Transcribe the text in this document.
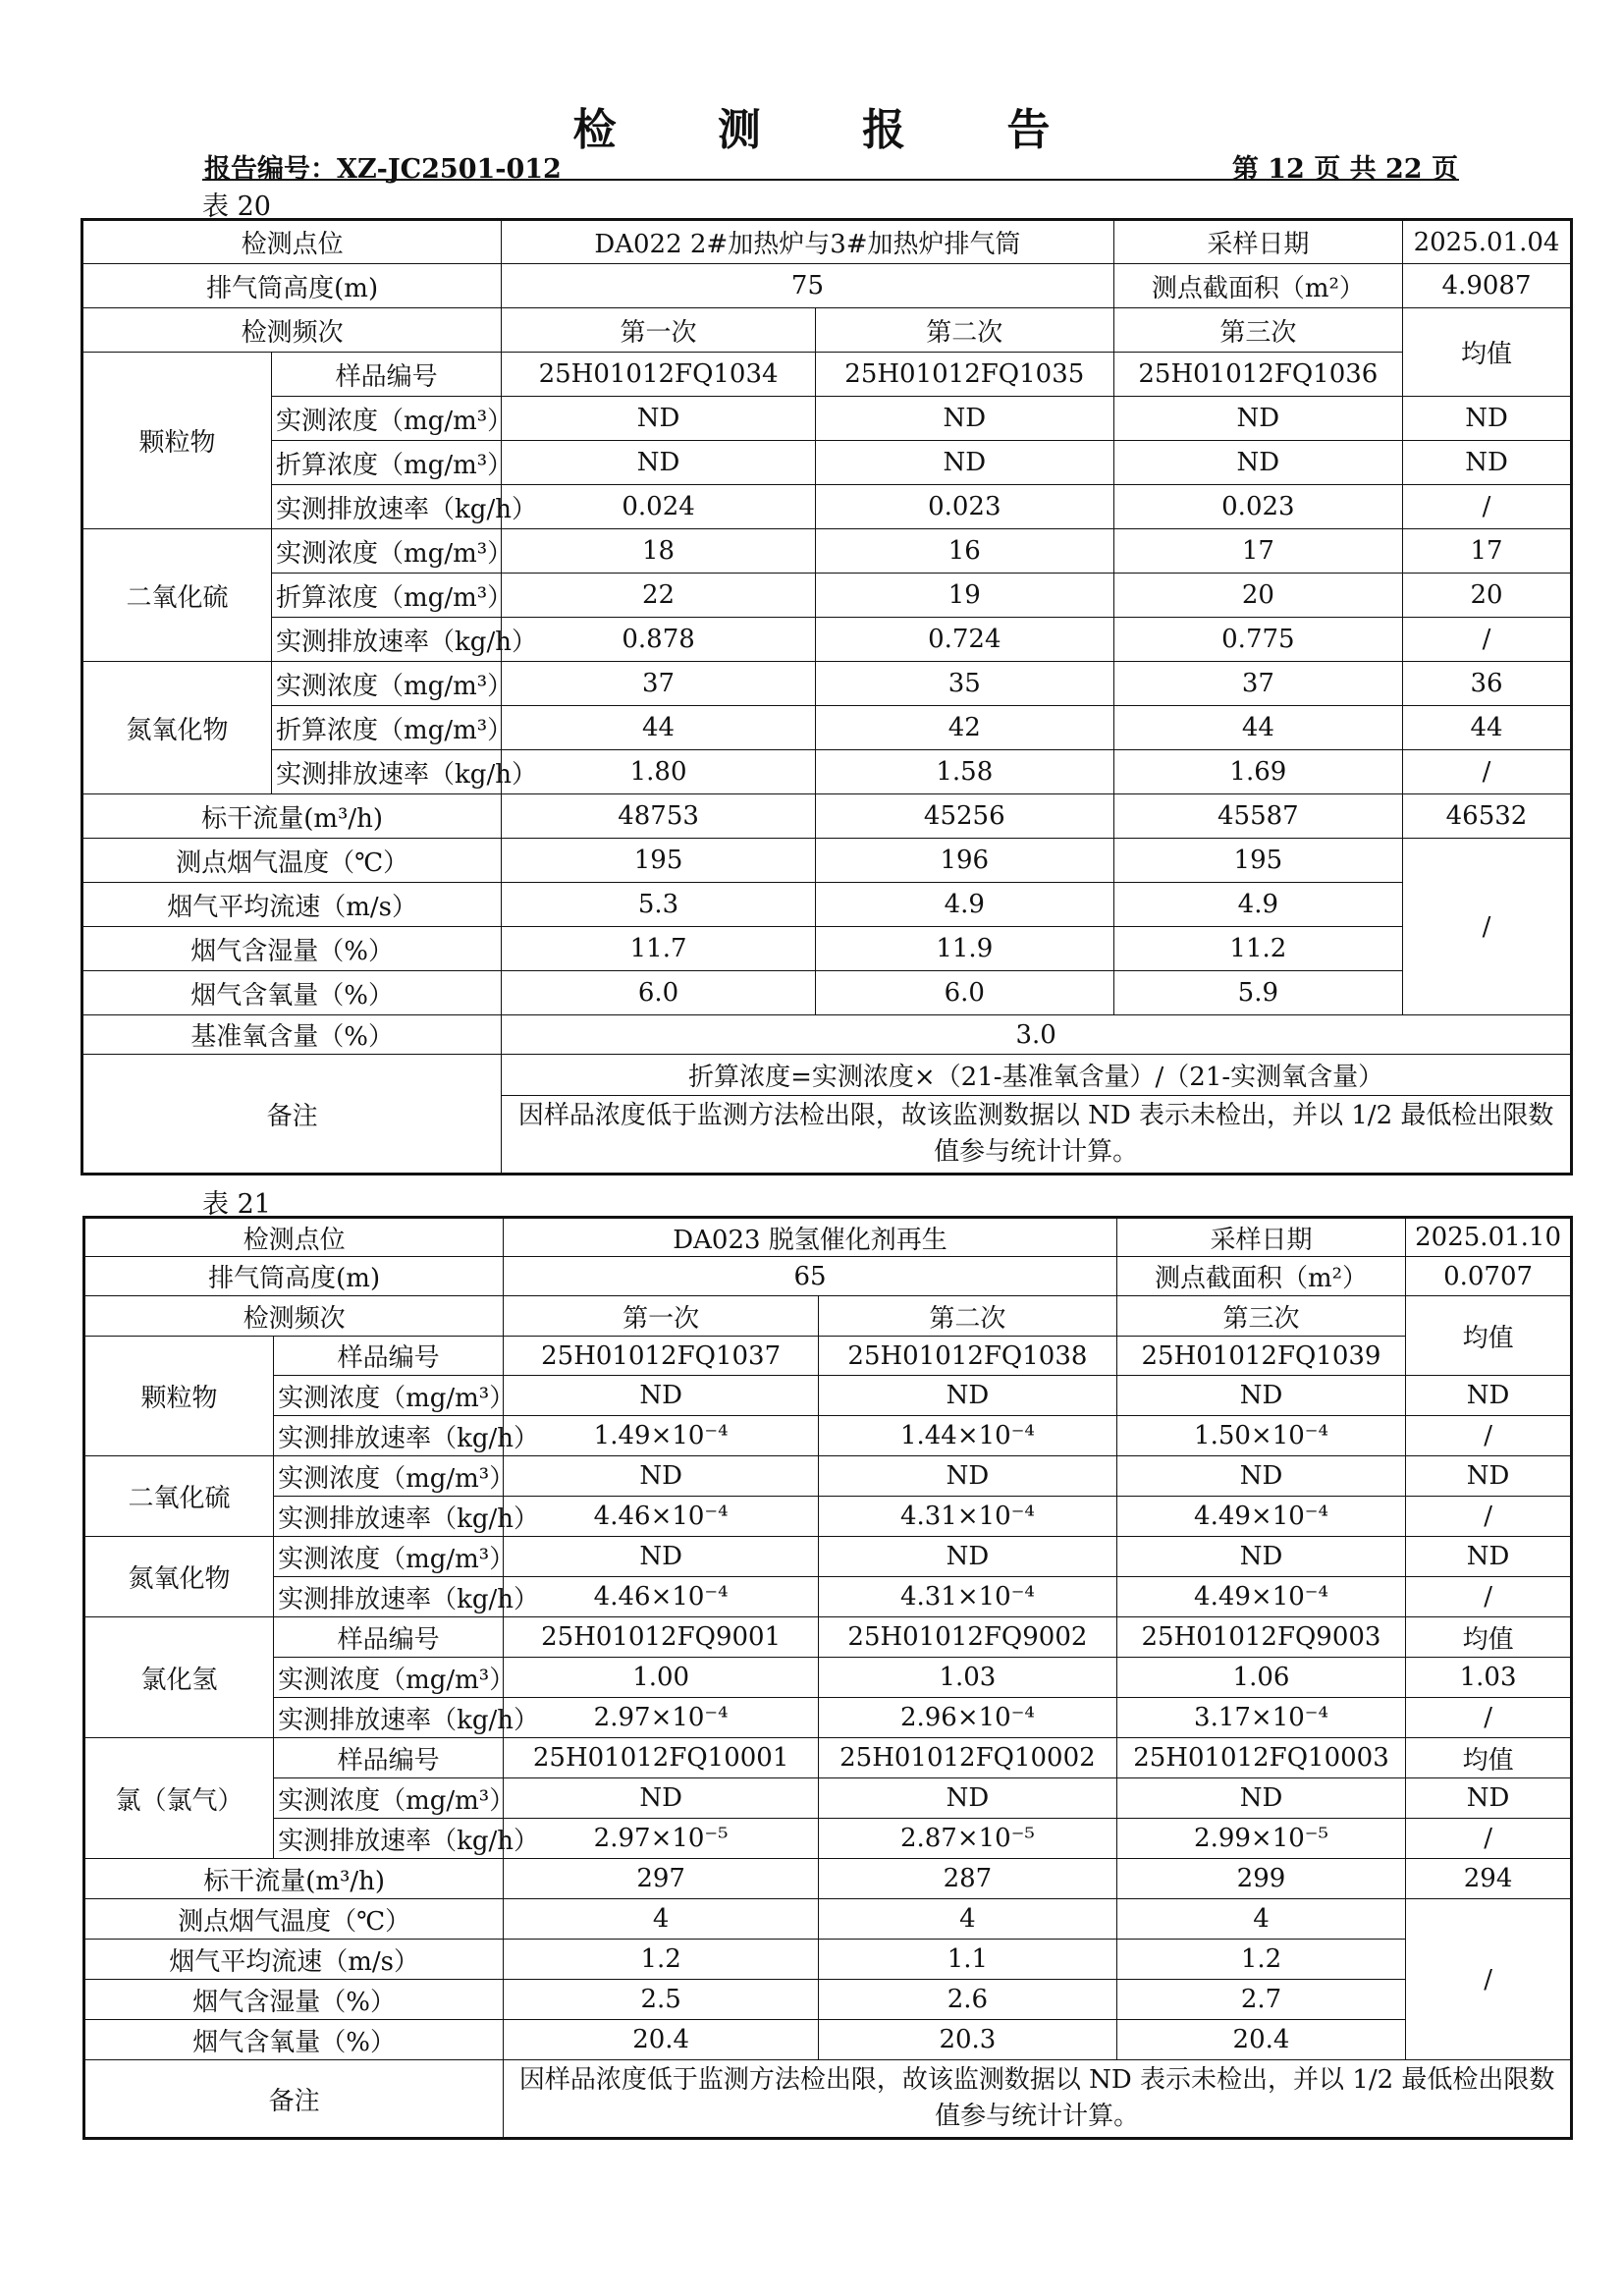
检 测 报 告
报告编号：XZ-JC2501-012	第 12 页 共 22 页
表 20
检测点位		DA022 2#加热炉与3#加热炉排气筒		采样日期	2025.01.04
排气筒高度(m)		75		测点截面积（m²）	4.9087
检测频次		第一次	第二次	第三次	均值
颗粒物	样品编号	25H01012FQ1034	25H01012FQ1035	25H01012FQ1036	
	实测浓度（mg/m³）	ND	ND	ND	ND
	折算浓度（mg/m³）	ND	ND	ND	ND
	实测排放速率（kg/h）	0.024	0.023	0.023	/
二氧化硫	实测浓度（mg/m³）	18	16	17	17
	折算浓度（mg/m³）	22	19	20	20
	实测排放速率（kg/h）	0.878	0.724	0.775	/
氮氧化物	实测浓度（mg/m³）	37	35	37	36
	折算浓度（mg/m³）	44	42	44	44
	实测排放速率（kg/h）	1.80	1.58	1.69	/
标干流量(m³/h)		48753	45256	45587	46532
测点烟气温度（℃）		195	196	195	/
烟气平均流速（m/s）		5.3	4.9	4.9	
烟气含湿量（%）		11.7	11.9	11.2	
烟气含氧量（%）		6.0	6.0	5.9	
基准氧含量（%）		3.0			
备注		折算浓度=实测浓度×（21-基准氧含量）/（21-实测氧含量）			
		因样品浓度低于监测方法检出限，故该监测数据以 ND 表示未检出，并以 1/2 最低检出限数值参与统计计算。			
表 21
检测点位		DA023 脱氢催化剂再生		采样日期	2025.01.10
排气筒高度(m)		65		测点截面积（m²）	0.0707
检测频次		第一次	第二次	第三次	均值
颗粒物	样品编号	25H01012FQ1037	25H01012FQ1038	25H01012FQ1039	
	实测浓度（mg/m³）	ND	ND	ND	ND
	实测排放速率（kg/h）	1.49×10⁻⁴	1.44×10⁻⁴	1.50×10⁻⁴	/
二氧化硫	实测浓度（mg/m³）	ND	ND	ND	ND
	实测排放速率（kg/h）	4.46×10⁻⁴	4.31×10⁻⁴	4.49×10⁻⁴	/
氮氧化物	实测浓度（mg/m³）	ND	ND	ND	ND
	实测排放速率（kg/h）	4.46×10⁻⁴	4.31×10⁻⁴	4.49×10⁻⁴	/
氯化氢	样品编号	25H01012FQ9001	25H01012FQ9002	25H01012FQ9003	均值
	实测浓度（mg/m³）	1.00	1.03	1.06	1.03
	实测排放速率（kg/h）	2.97×10⁻⁴	2.96×10⁻⁴	3.17×10⁻⁴	/
氯（氯气）	样品编号	25H01012FQ10001	25H01012FQ10002	25H01012FQ10003	均值
	实测浓度（mg/m³）	ND	ND	ND	ND
	实测排放速率（kg/h）	2.97×10⁻⁵	2.87×10⁻⁵	2.99×10⁻⁵	/
标干流量(m³/h)		297	287	299	294
测点烟气温度（℃）		4	4	4	/
烟气平均流速（m/s）		1.2	1.1	1.2	
烟气含湿量（%）		2.5	2.6	2.7	
烟气含氧量（%）		20.4	20.3	20.4	
备注		因样品浓度低于监测方法检出限，故该监测数据以 ND 表示未检出，并以 1/2 最低检出限数值参与统计计算。			
